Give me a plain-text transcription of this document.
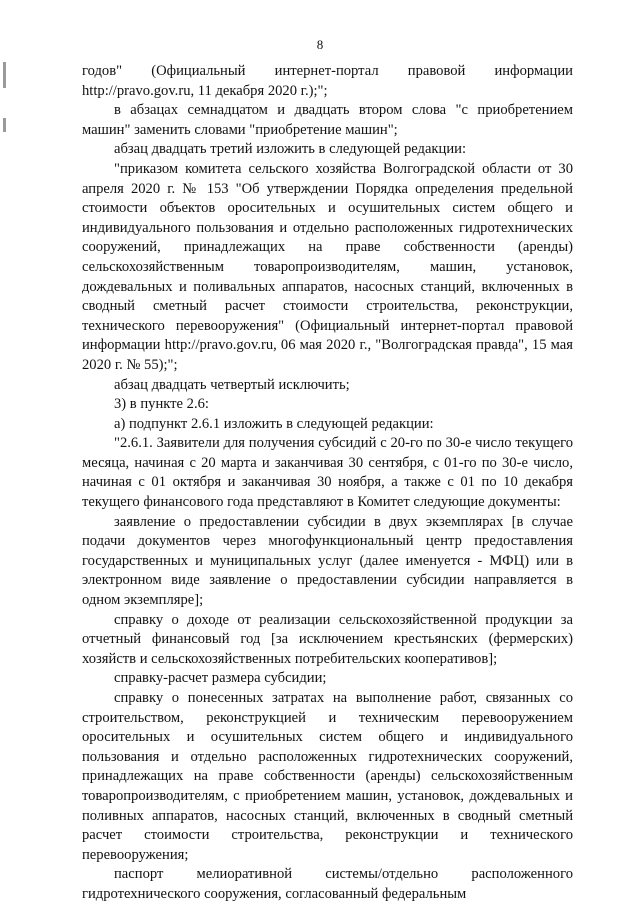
8

годов" (Официальный интернет-портал правовой информации http://pravo.gov.ru, 11 декабря 2020 г.);";

в абзацах семнадцатом и двадцать втором слова "с приобретением машин" заменить словами "приобретение машин";

абзац двадцать третий изложить в следующей редакции:

"приказом комитета сельского хозяйства Волгоградской области от 30 апреля 2020 г. № 153 "Об утверждении Порядка определения предельной стоимости объектов оросительных и осушительных систем общего и индивидуального пользования и отдельно расположенных гидротехнических сооружений, принадлежащих на праве собственности (аренды) сельскохозяйственным товаропроизводителям, машин, установок, дождевальных и поливальных аппаратов, насосных станций, включенных в сводный сметный расчет стоимости строительства, реконструкции, технического перевооружения" (Официальный интернет-портал правовой информации http://pravo.gov.ru, 06 мая 2020 г., "Волгоградская правда", 15 мая 2020 г. № 55);";

абзац двадцать четвертый исключить;

3) в пункте 2.6:

а) подпункт 2.6.1 изложить в следующей редакции:

"2.6.1. Заявители для получения субсидий с 20-го по 30-е число текущего месяца, начиная с 20 марта и заканчивая 30 сентября, с 01-го по 30-е число, начиная с 01 октября и заканчивая 30 ноября, а также с 01 по 10 декабря текущего финансового года представляют в Комитет следующие документы:

заявление о предоставлении субсидии в двух экземплярах [в случае подачи документов через многофункциональный центр предоставления государственных и муниципальных услуг (далее именуется - МФЦ) или в электронном виде заявление о предоставлении субсидии направляется в одном экземпляре];

справку о доходе от реализации сельскохозяйственной продукции за отчетный финансовый год [за исключением крестьянских (фермерских) хозяйств и сельскохозяйственных потребительских кооперативов];

справку-расчет размера субсидии;

справку о понесенных затратах на выполнение работ, связанных со строительством, реконструкцией и техническим перевооружением оросительных и осушительных систем общего и индивидуального пользования и отдельно расположенных гидротехнических сооружений, принадлежащих на праве собственности (аренды) сельскохозяйственным товаропроизводителям, с приобретением машин, установок, дождевальных и поливных аппаратов, насосных станций, включенных в сводный сметный расчет стоимости строительства, реконструкции и технического перевооружения;

паспорт мелиоративной системы/отдельно расположенного гидротехнического сооружения, согласованный федеральным
